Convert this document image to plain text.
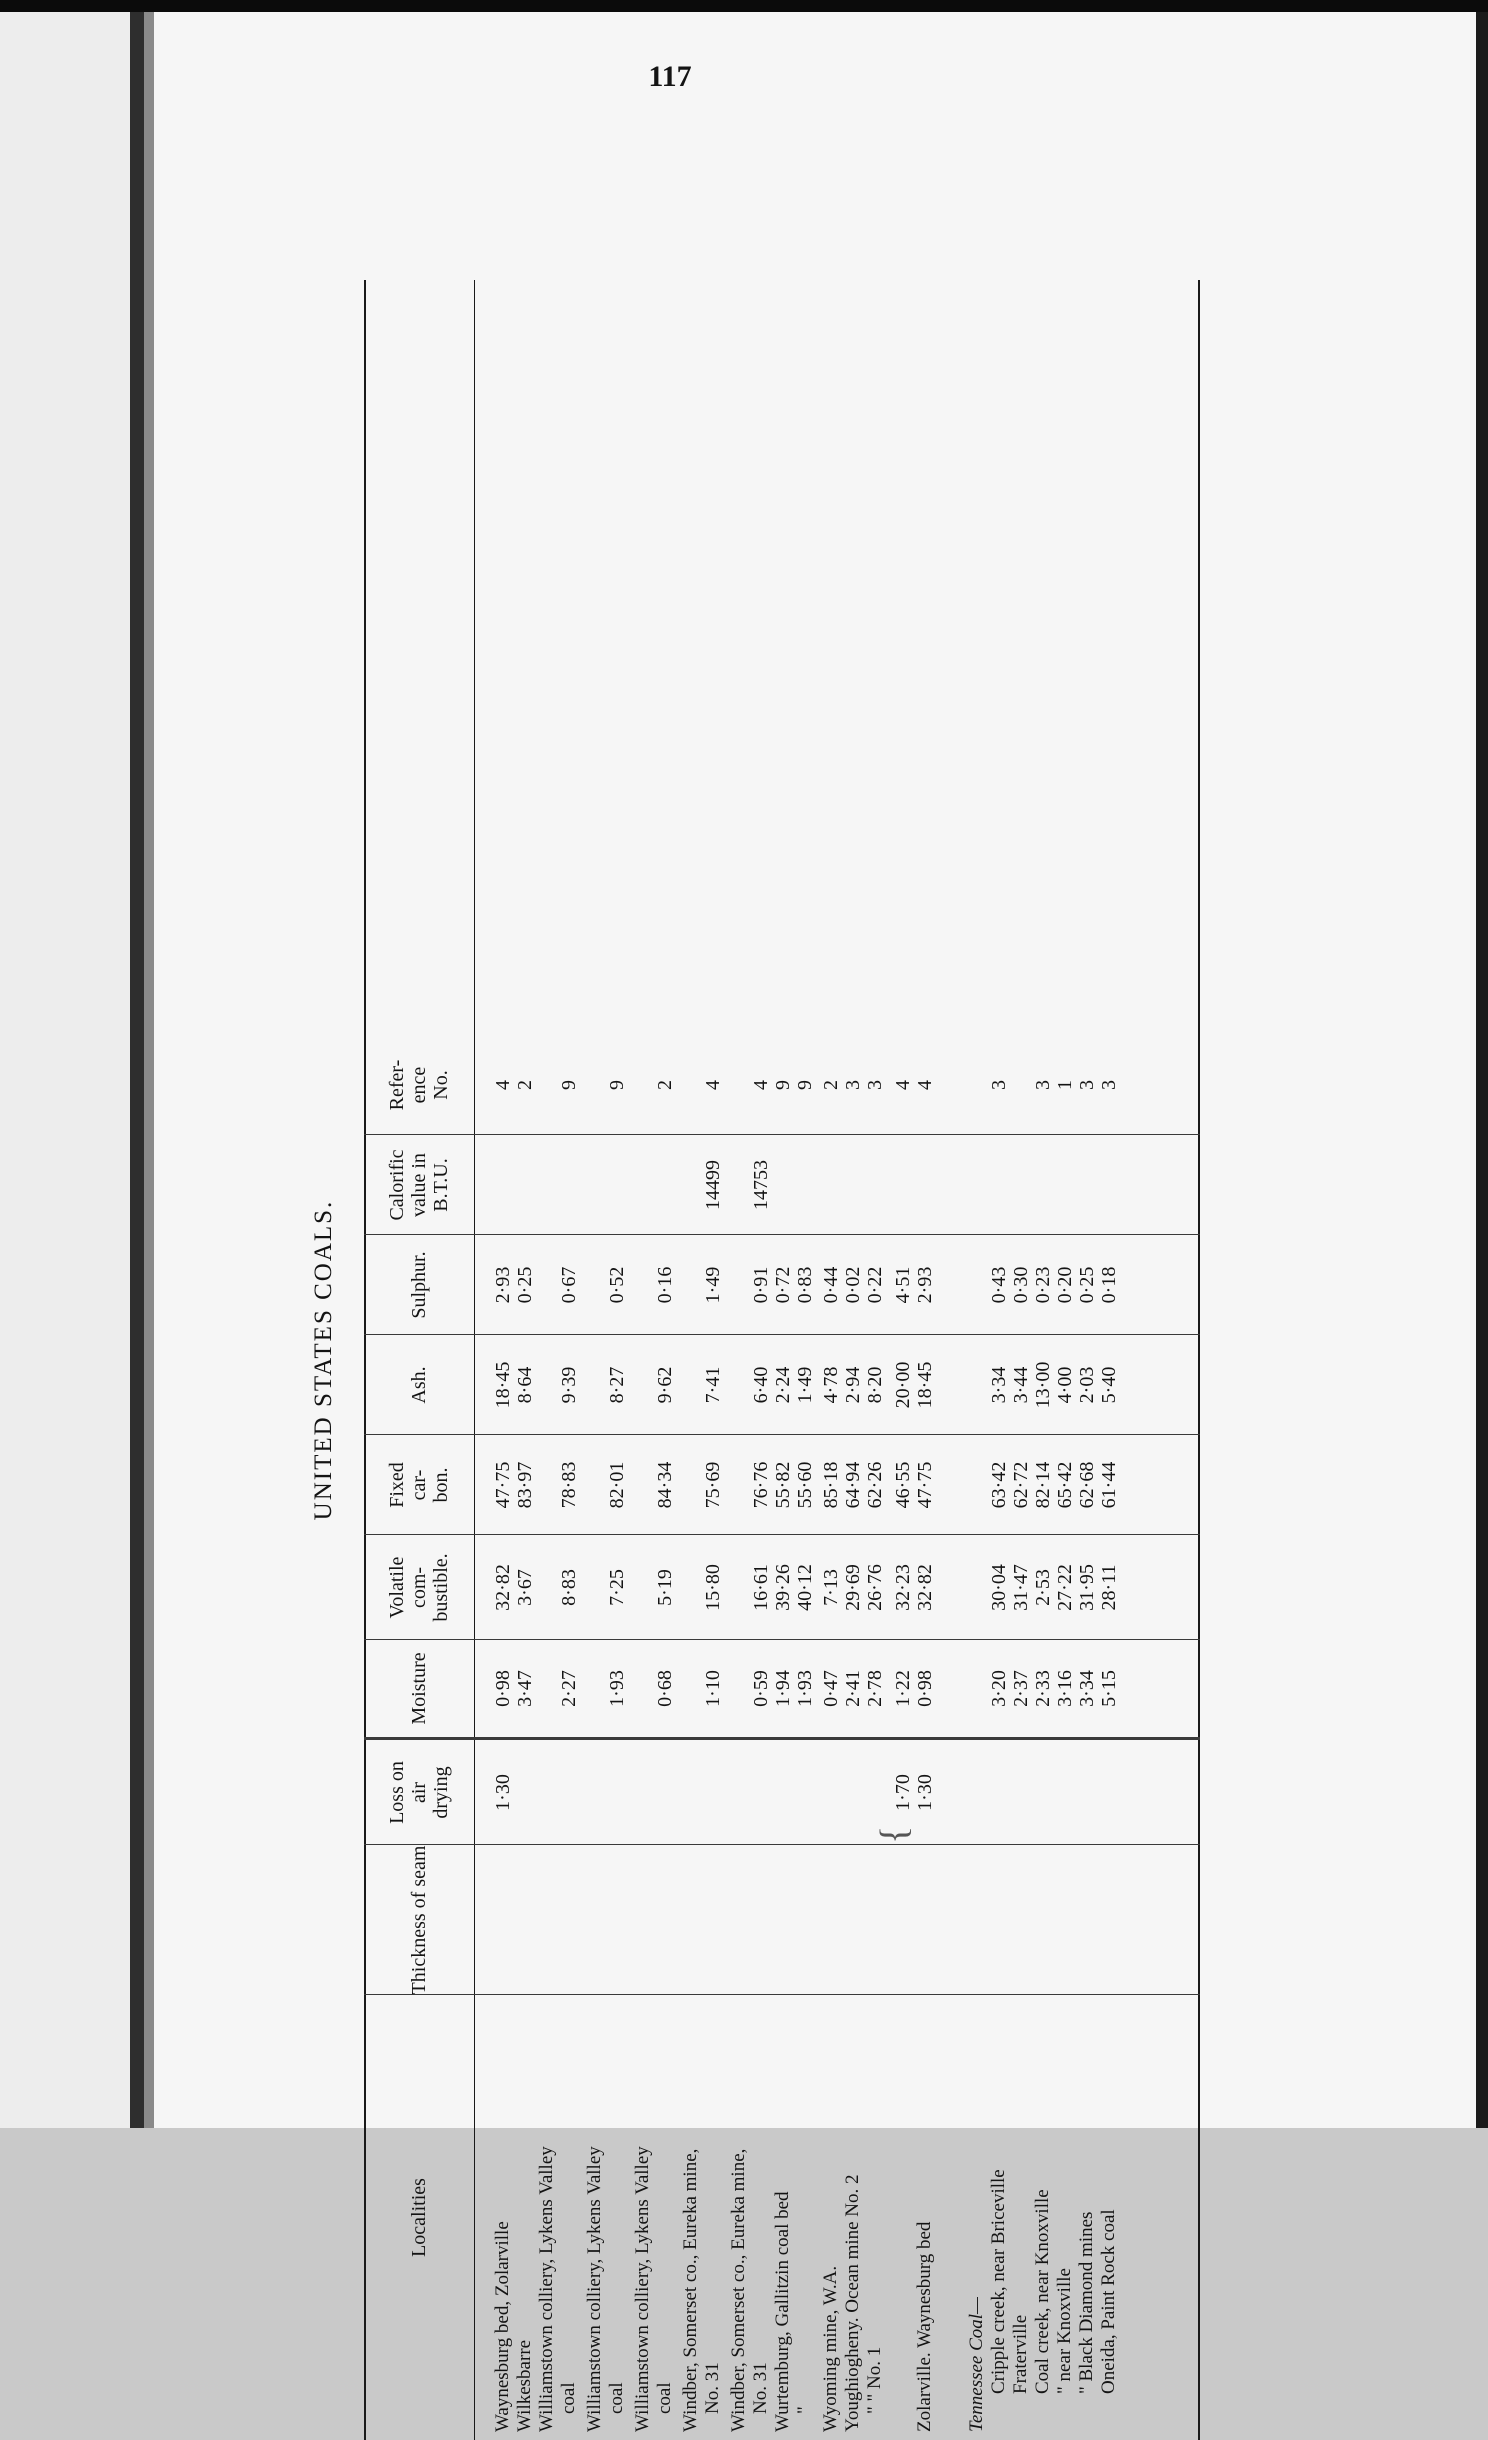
117
UNITED STATES COALS.
Localities
Thickness of seam
Loss on air drying
Moisture
Volatile com-bustible.
Fixed car-bon.
Ash.
Sulphur.
Calorific value in B.T.U.
Refer-ence No.
Waynesburg bed, Zolarville
1·30
0·98
32·82
47·75
18·45
2·93
4
Wilkesbarre
3·47
3·67
83·97
8·64
0·25
2
Williamstown colliery, Lykens Valley coal
2·27
8·83
78·83
9·39
0·67
9
Williamstown colliery, Lykens Valley coal
1·93
7·25
82·01
8·27
0·52
9
Williamstown colliery, Lykens Valley coal
0·68
5·19
84·34
9·62
0·16
2
Windber, Somerset co., Eureka mine, No. 31
1·10
15·80
75·69
7·41
1·49
14499
4
Windber, Somerset co., Eureka mine, No. 31
0·59
16·61
76·76
6·40
0·91
14753
4
Wurtemburg, Gallitzin coal bed
1·94
39·26
55·82
2·24
0·72
9
"
1·93
40·12
55·60
1·49
0·83
9
Wyoming mine, W.A.
0·47
7·13
85·18
4·78
0·44
2
Youghiogheny. Ocean mine No. 2
2·41
29·69
64·94
2·94
0·02
3
" " No. 1
2·78
26·76
62·26
8·20
0·22
3
1·70
1·22
32·23
46·55
20·00
4·51
4
{
Zolarville. Waynesburg bed
1·30
0·98
32·82
47·75
18·45
2·93
4
Tennessee Coal— Cripple creek, near Briceville
3·20
30·04
63·42
3·34
0·43
3
Fraterville
2·37
31·47
62·72
3·44
0·30
Coal creek, near Knoxville
2·33
2·53
82·14
13·00
0·23
3
" near Knoxville
3·16
27·22
65·42
4·00
0·20
1
" Black Diamond mines
3·34
31·95
62·68
2·03
0·25
3
Oneida, Paint Rock coal
5·15
28·11
61·44
5·40
0·18
3
